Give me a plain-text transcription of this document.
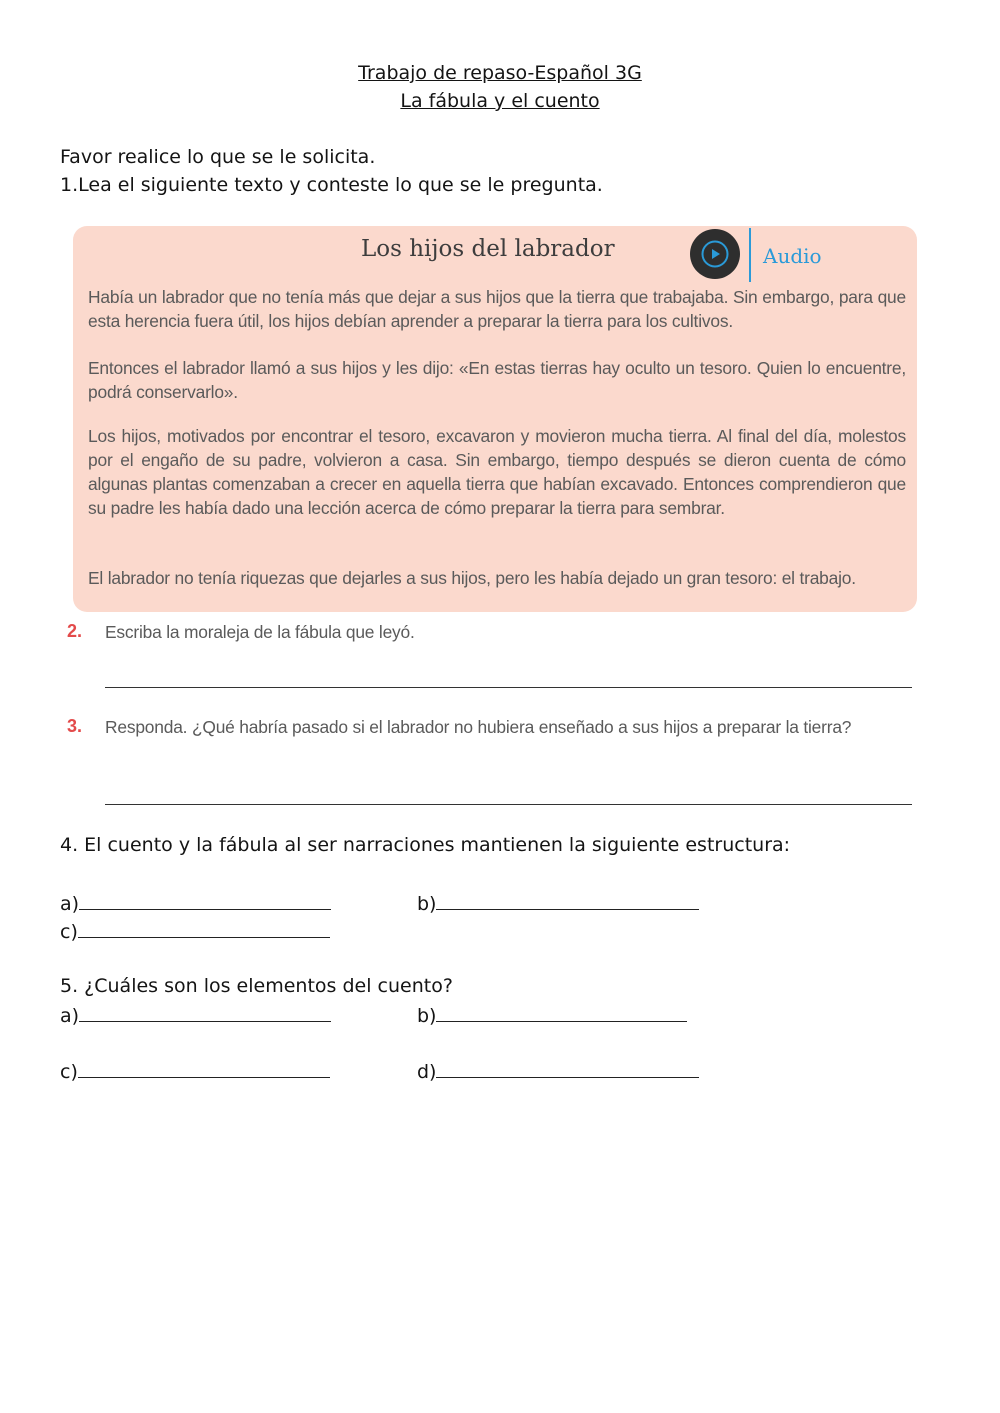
Trabajo de repaso-Español 3G
La fábula y el cuento
Favor realice lo que se le solicita.
1.Lea el siguiente texto y conteste lo que se le pregunta.
Los hijos del labrador	Audio
Había un labrador que no tenía más que dejar a sus hijos que la tierra que trabajaba. Sin embargo, para que esta herencia fuera útil, los hijos debían aprender a preparar la tierra para los cultivos.
Entonces el labrador llamó a sus hijos y les dijo: «En estas tierras hay oculto un tesoro. Quien lo encuentre, podrá conservarlo».
Los hijos, motivados por encontrar el tesoro, excavaron y movieron mucha tierra. Al final del día, molestos por el engaño de su padre, volvieron a casa. Sin embargo, tiempo después se dieron cuenta de cómo algunas plantas comenzaban a crecer en aquella tierra que habían excavado. Entonces comprendieron que su padre les había dado una lección acerca de cómo preparar la tierra para sembrar.
El labrador no tenía riquezas que dejarles a sus hijos, pero les había dejado un gran tesoro: el trabajo.
2. Escriba la moraleja de la fábula que leyó.
3. Responda. ¿Qué habría pasado si el labrador no hubiera enseñado a sus hijos a preparar la tierra?
4. El cuento y la fábula al ser narraciones mantienen la siguiente estructura:
a)	b)
c)
5. ¿Cuáles son los elementos del cuento?
a)	b)
c)	d)
